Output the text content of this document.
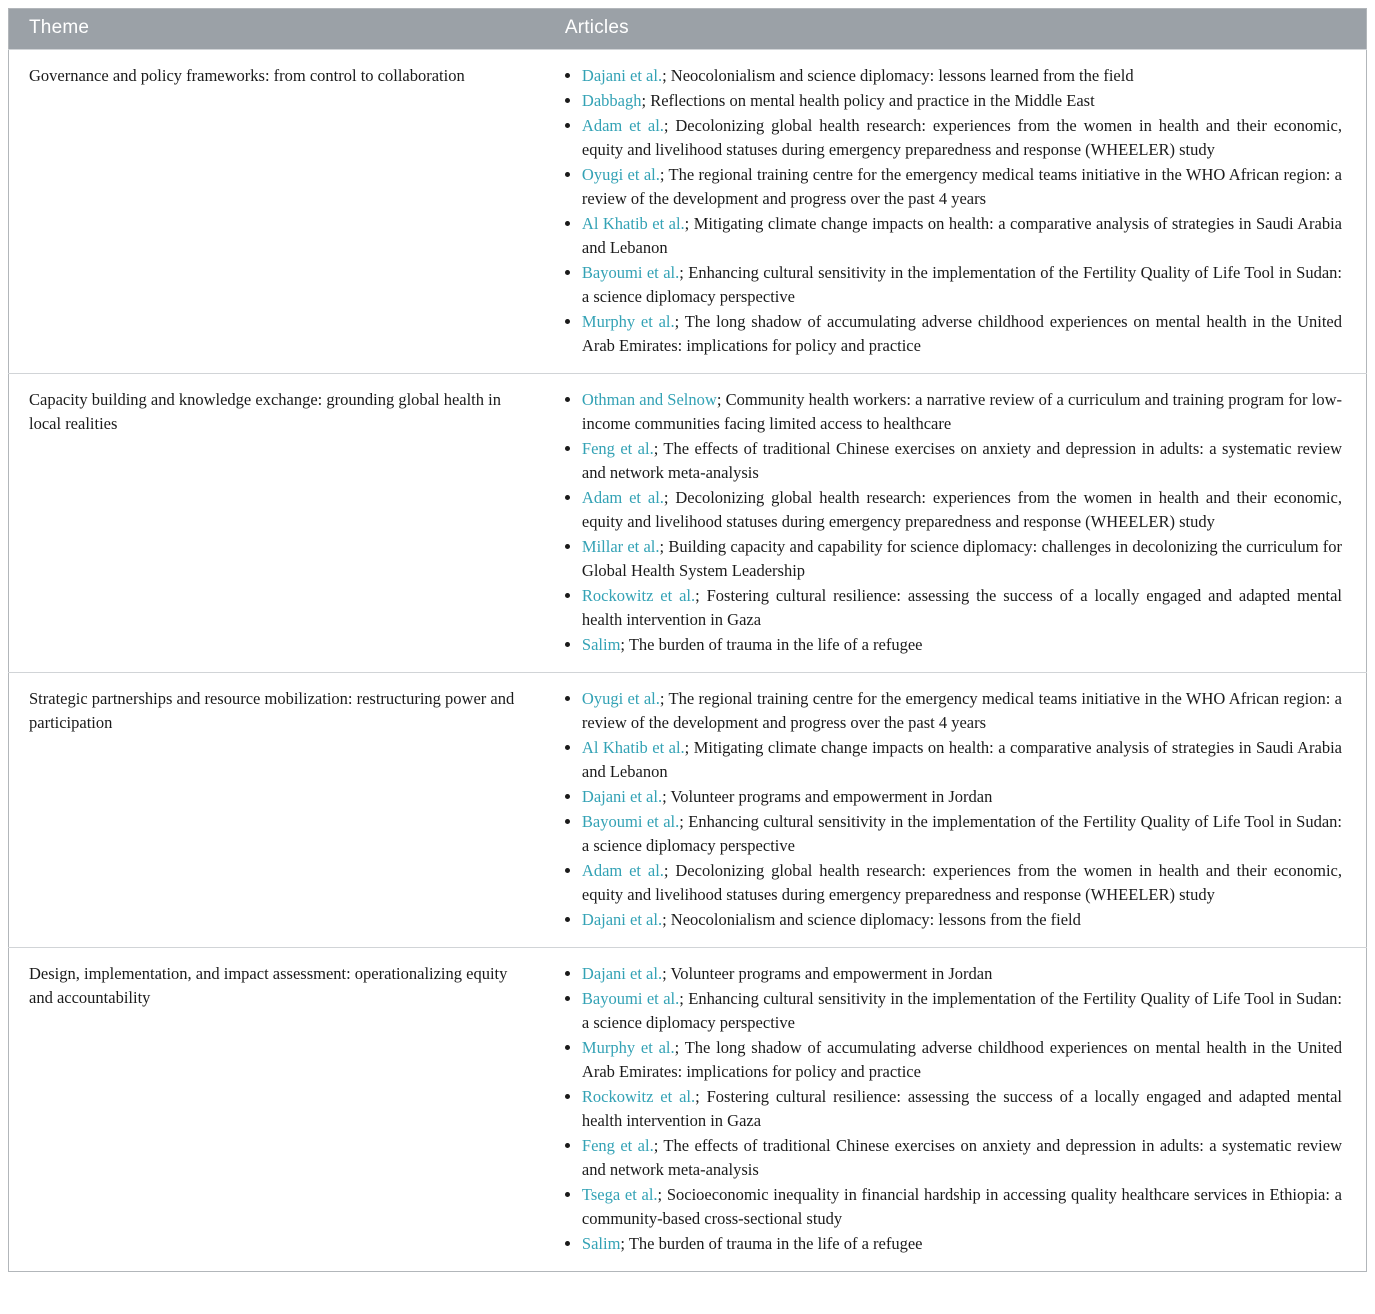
Theme	Articles
Governance and policy frameworks: from control to collaboration	
•Dajani et al.; Neocolonialism and science diplomacy: lessons learned from the field
• Dabbagh; Reflections on mental health policy and practice in the Middle East
• Adam et al.; Decolonizing global health research: experiences from the women in health and their economic, equity and livelihood statuses during emergency preparedness and response (WHEELER) study
• Oyugi et al.; The regional training centre for the emergency medical teams initiative in the WHO African region: a review of the development and progress over the past 4 years
• Al Khatib et al.; Mitigating climate change impacts on health: a comparative analysis of strategies in Saudi Arabia and Lebanon
• Bayoumi et al.; Enhancing cultural sensitivity in the implementation of the Fertility Quality of Life Tool in Sudan: a science diplomacy perspective
• Murphy et al.; The long shadow of accumulating adverse childhood experiences on mental health in the United Arab Emirates: implications for policy and practice

Capacity building and knowledge exchange: grounding global health in local realities	
• Othman and Selnow; Community health workers: a narrative review of a curriculum and training program for low-income communities facing limited access to healthcare
• Feng et al.; The effects of traditional Chinese exercises on anxiety and depression in adults: a systematic review and network meta-analysis
• Adam et al.; Decolonizing global health research: experiences from the women in health and their economic, equity and livelihood statuses during emergency preparedness and response (WHEELER) study
• Millar et al.; Building capacity and capability for science diplomacy: challenges in decolonizing the curriculum for Global Health System Leadership
• Rockowitz et al.; Fostering cultural resilience: assessing the success of a locally engaged and adapted mental health intervention in Gaza
• Salim; The burden of trauma in the life of a refugee

Strategic partnerships and resource mobilization: restructuring power and participation	
• Oyugi et al.; The regional training centre for the emergency medical teams initiative in the WHO African region: a review of the development and progress over the past 4 years
• Al Khatib et al.; Mitigating climate change impacts on health: a comparative analysis of strategies in Saudi Arabia and Lebanon
• Dajani et al.; Volunteer programs and empowerment in Jordan
• Bayoumi et al.; Enhancing cultural sensitivity in the implementation of the Fertility Quality of Life Tool in Sudan: a science diplomacy perspective
• Adam et al.; Decolonizing global health research: experiences from the women in health and their economic, equity and livelihood statuses during emergency preparedness and response (WHEELER) study
• Dajani et al.; Neocolonialism and science diplomacy: lessons from the field

Design, implementation, and impact assessment: operationalizing equity and accountability	
• Dajani et al.; Volunteer programs and empowerment in Jordan
• Bayoumi et al.; Enhancing cultural sensitivity in the implementation of the Fertility Quality of Life Tool in Sudan: a science diplomacy perspective
• Murphy et al.; The long shadow of accumulating adverse childhood experiences on mental health in the United Arab Emirates: implications for policy and practice
• Rockowitz et al.; Fostering cultural resilience: assessing the success of a locally engaged and adapted mental health intervention in Gaza
• Feng et al.; The effects of traditional Chinese exercises on anxiety and depression in adults: a systematic review and network meta-analysis
• Tsega et al.; Socioeconomic inequality in financial hardship in accessing quality healthcare services in Ethiopia: a community-based cross-sectional study
• Salim; The burden of trauma in the life of a refugee
